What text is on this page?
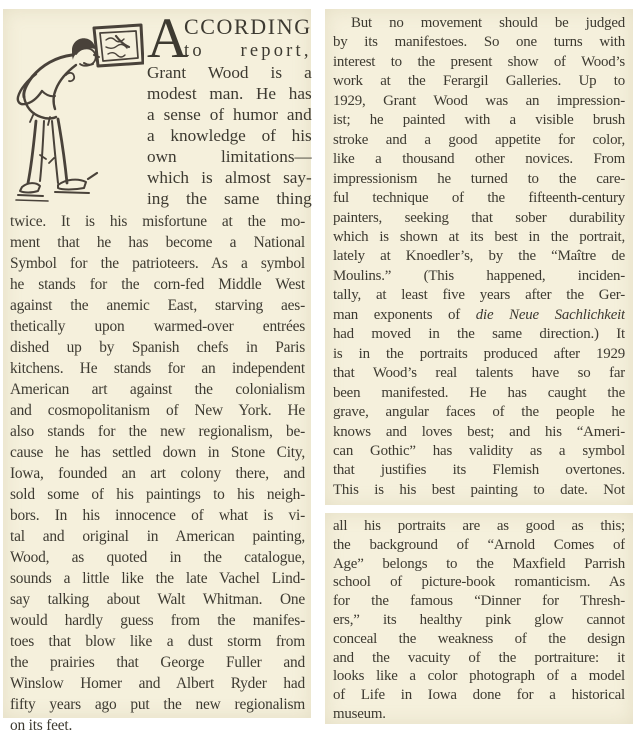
A
CCORDING
to report,
Grant Wood is a
modest man. He has
a sense of humor and
a knowledge of his
own limitations—
which is almost say-
ing the same thing
twice. It is his misfortune at the mo-
ment that he has become a National
Symbol for the patrioteers. As a symbol
he stands for the corn-fed Middle West
against the anemic East, starving aes-
thetically upon warmed-over entrées
dished up by Spanish chefs in Paris
kitchens. He stands for an independent
American art against the colonialism
and cosmopolitanism of New York. He
also stands for the new regionalism, be-
cause he has settled down in Stone City,
Iowa, founded an art colony there, and
sold some of his paintings to his neigh-
bors. In his innocence of what is vi-
tal and original in American painting,
Wood, as quoted in the catalogue,
sounds a little like the late Vachel Lind-
say talking about Walt Whitman. One
would hardly guess from the manifes-
toes that blow like a dust storm from
the prairies that George Fuller and
Winslow Homer and Albert Ryder had
fifty years ago put the new regionalism
on its feet.
But no movement should be judged
by its manifestoes. So one turns with
interest to the present show of Wood’s
work at the Ferargil Galleries. Up to
1929, Grant Wood was an impression-
ist; he painted with a visible brush
stroke and a good appetite for color,
like a thousand other novices. From
impressionism he turned to the care-
ful technique of the fifteenth-century
painters, seeking that sober durability
which is shown at its best in the portrait,
lately at Knoedler’s, by the “Maître de
Moulins.” (This happened, inciden-
tally, at least five years after the Ger-
man exponents of die Neue Sachlichkeit
had moved in the same direction.) It
is in the portraits produced after 1929
that Wood’s real talents have so far
been manifested. He has caught the
grave, angular faces of the people he
knows and loves best; and his “Ameri-
can Gothic” has validity as a symbol
that justifies its Flemish overtones.
This is his best painting to date. Not
all his portraits are as good as this;
the background of “Arnold Comes of
Age” belongs to the Maxfield Parrish
school of picture-book romanticism. As
for the famous “Dinner for Thresh-
ers,” its healthy pink glow cannot
conceal the weakness of the design
and the vacuity of the portraiture: it
looks like a color photograph of a model
of Life in Iowa done for a historical
museum.
